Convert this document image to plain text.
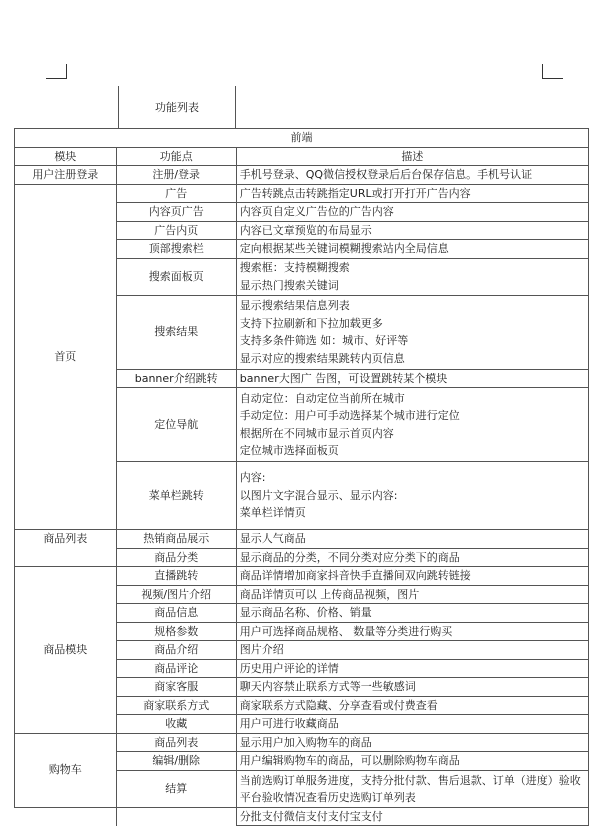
功能列表
前端		
模块	功能点	描述
用户注册登录	注册/登录	手机号登录、QQ微信授权登录后后台保存信息。手机号认证
首页	广告	广告转跳点击转跳指定URL或打开打开广告内容
	内容页广告	内容页自定义广告位的广告内容
	广告内页	内容已文章预览的布局显示
	顶部搜索栏	定向根据某些关键词模糊搜索站内全局信息
	搜索面板页	搜索框：支持模糊搜索
显示热门搜索关键词

	搜索结果	显示搜索结果信息列表
支持下拉刷新和下拉加载更多
支持多条件筛选 如：城市、好评等
显示对应的搜索结果跳转内页信息

	banner介绍跳转	banner大图广 告图，可设置跳转某个模块
	定位导航	自动定位：自动定位当前所在城市
手动定位：用户可手动选择某个城市进行定位
根据所在不同城市显示首页内容
定位城市选择面板页

	菜单栏跳转	内容:
以图片文字混合显示、显示内容:
菜单栏详情页

商品列表	热销商品展示	显示人气商品
	商品分类	显示商品的分类，不同分类对应分类下的商品
商品模块	直播跳转	商品详情增加商家抖音快手直播间双向跳转链接
	视频/图片介绍	商品详情页可以 上传商品视频，图片
	商品信息	显示商品名称、价格、销量
	规格参数	用户可选择商品规格、 数量等分类进行购买
	商品介绍	图片介绍
	商品评论	历史用户评论的详情
	商家客服	聊天内容禁止联系方式等一些敏感词
	商家联系方式	商家联系方式隐藏、分享查看或付费查看
	收藏	用户可进行收藏商品
购物车	商品列表	显示用户加入购物车的商品
	编辑/删除	用户编辑购物车的商品，可以删除购物车商品
	结算	当前选购订单服务进度，支持分批付款、售后退款、订单（进度）验收平台验收情况查看历史选购订单列表
		分批支付微信支付支付宝支付
